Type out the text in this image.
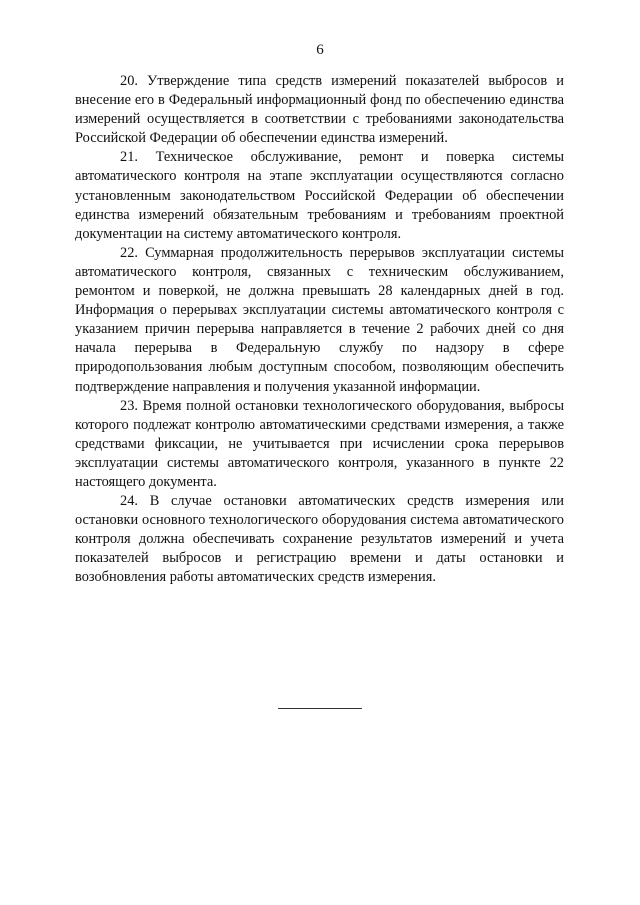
6

20. Утверждение типа средств измерений показателей выбросов и внесение его в Федеральный информационный фонд по обеспечению единства измерений осуществляется в соответствии с требованиями законодательства Российской Федерации об обеспечении единства измерений.

21. Техническое обслуживание, ремонт и поверка системы автоматического контроля на этапе эксплуатации осуществляются согласно установленным законодательством Российской Федерации об обеспечении единства измерений обязательным требованиям и требованиям проектной документации на систему автоматического контроля.

22. Суммарная продолжительность перерывов эксплуатации системы автоматического контроля, связанных с техническим обслуживанием, ремонтом и поверкой, не должна превышать 28 календарных дней в год. Информация о перерывах эксплуатации системы автоматического контроля с указанием причин перерыва направляется в течение 2 рабочих дней со дня начала перерыва в Федеральную службу по надзору в сфере природопользования любым доступным способом, позволяющим обеспечить подтверждение направления и получения указанной информации.

23. Время полной остановки технологического оборудования, выбросы которого подлежат контролю автоматическими средствами измерения, а также средствами фиксации, не учитывается при исчислении срока перерывов эксплуатации системы автоматического контроля, указанного в пункте 22 настоящего документа.

24. В случае остановки автоматических средств измерения или остановки основного технологического оборудования система автоматического контроля должна обеспечивать сохранение результатов измерений и учета показателей выбросов и регистрацию времени и даты остановки и возобновления работы автоматических средств измерения.
